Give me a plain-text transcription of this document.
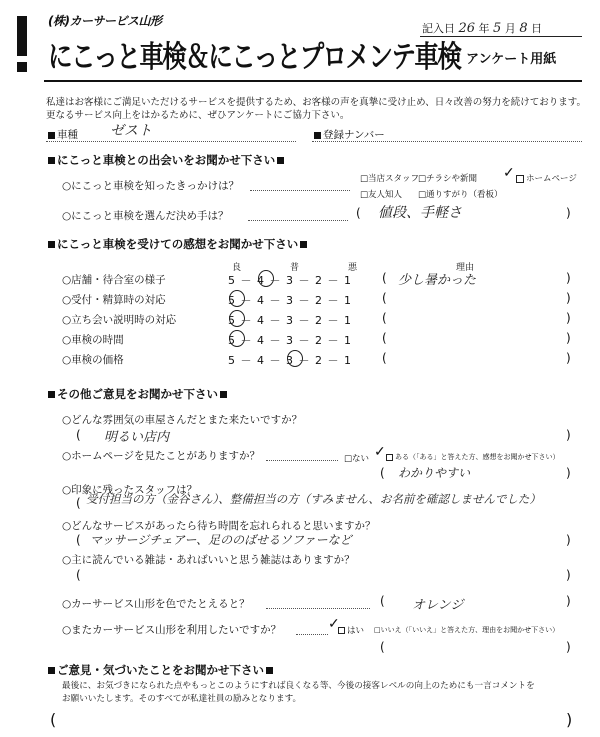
(株)カーサービス山形
記入日 26 年 5 月 8 日
にこっと車検＆にこっとプロメンテ車検 アンケート用紙
私達はお客様にご満足いただけるサービスを提供するため、お客様の声を真摯に受け止め、日々改善の努力を続けております。
更なるサービス向上をはかるために、ぜひアンケートにご協力下さい。
車種 ゼスト	登録ナンバー
にこっと車検との出会いをお聞かせ下さい
○にこっと車検を知ったきっかけは？
□当店スタッフ
□チラシや新聞 ✓ ホームページ
□友人知人 □通りすがり（看板）
○にこっと車検を選んだ決め手は？	( 値段、手軽さ	)
にこっと車検を受けての感想をお聞かせ下さい
良	普	悪	理由
○店舗・待合室の様子	5 － 4 － 3 － 2 － 1	( 少し暑かった	)
○受付・精算時の対応	5 － 4 － 3 － 2 － 1	(	)
○立ち会い説明時の対応	5 － 4 － 3 － 2 － 1	(	)
○車検の時間	5 － 4 － 3 － 2 － 1	(	)
○車検の価格	5 － 4 － 3 － 2 － 1	(	)
その他ご意見をお聞かせ下さい
○どんな雰囲気の車屋さんだとまた来たいですか？
( 明るい店内	)
○ホームページを見たことがありますか？	□ない ✓ ある（「ある」と答えた方、感想をお聞かせ下さい）
( わかりやすい	)
○印象に残ったスタッフは？
( 受付担当の方（金谷さん）、整備担当の方（すみません、お名前を確認しませんでした）
○どんなサービスがあったら待ち時間を忘れられると思いますか？
( マッサージチェアー、足ののばせるソファーなど	)
○主に読んでいる雑誌・あればいいと思う雑誌はありますか？
(	)
○カーサービス山形を色でたとえると？	( オレンジ	)
○またカーサービス山形を利用したいですか？	✓ はい □いいえ（「いいえ」と答えた方、理由をお聞かせ下さい）
(	)
ご意見・気づいたことをお聞かせ下さい
最後に、お気づきになられた点やもっとこのようにすれば良くなる等、今後の接客レベルの向上のためにも一言コメントを
お願いいたします。そのすべてが私達社員の励みとなります。
(	)
